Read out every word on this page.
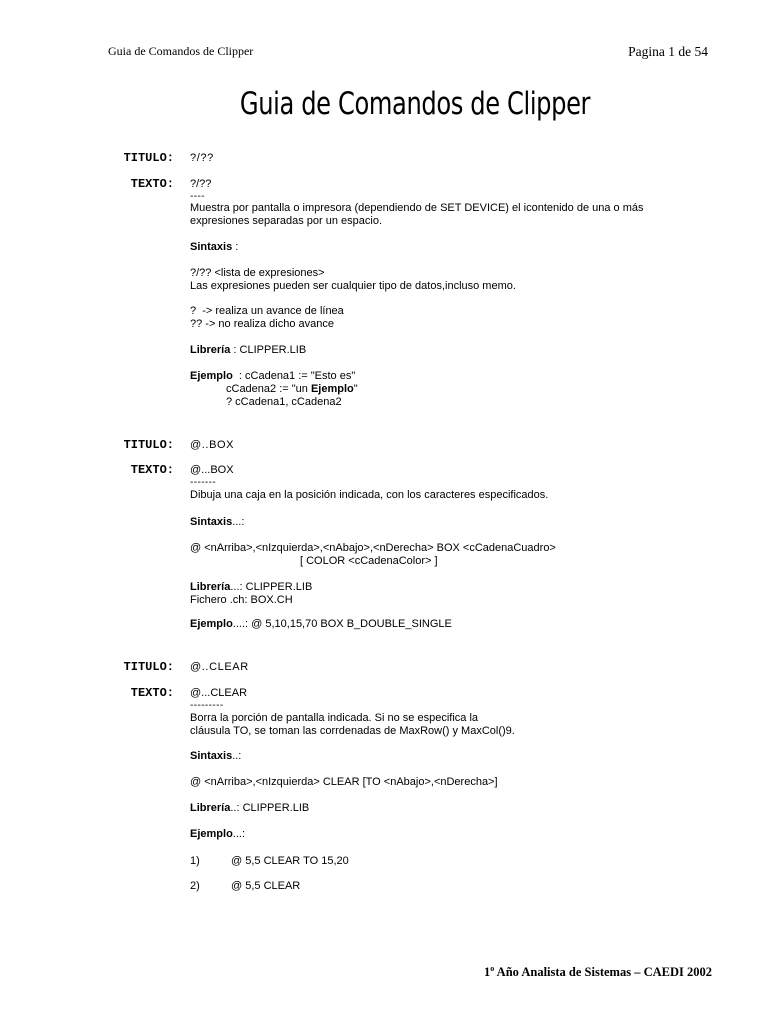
Guia de Comandos de Clipper	Pagina 1 de 54
Guia de Comandos de Clipper
TITULO: ?/??
TEXTO: ?/??
----
Muestra por pantalla o impresora (dependiendo de SET DEVICE) el icontenido de una o más
expresiones separadas por un espacio.
Sintaxis :
?/?? <lista de expresiones>
Las expresiones pueden ser cualquier tipo de datos,incluso memo.
?  -> realiza un avance de línea
?? -> no realiza dicho avance
Librería : CLIPPER.LIB
Ejemplo  : cCadena1 := "Esto es"
cCadena2 := "un Ejemplo"
? cCadena1, cCadena2
TITULO: @..BOX
TEXTO: @...BOX
-------
Dibuja una caja en la posición indicada, con los caracteres especificados.
Sintaxis...:
@ <nArriba>,<nIzquierda>,<nAbajo>,<nDerecha> BOX <cCadenaCuadro>
[ COLOR <cCadenaColor> ]
Librería...: CLIPPER.LIB
Fichero .ch: BOX.CH
Ejemplo....: @ 5,10,15,70 BOX B_DOUBLE_SINGLE
TITULO: @..CLEAR
TEXTO: @...CLEAR
---------
Borra la porción de pantalla indicada. Si no se especifica la
cláusula TO, se toman las corrdenadas de MaxRow() y MaxCol()9.
Sintaxis..:
@ <nArriba>,<nIzquierda> CLEAR [TO <nAbajo>,<nDerecha>]
Librería..: CLIPPER.LIB
Ejemplo...:
1)	@ 5,5 CLEAR TO 15,20
2)	@ 5,5 CLEAR
1$^o$ Año Analista de Sistemas – CAEDI 2002
